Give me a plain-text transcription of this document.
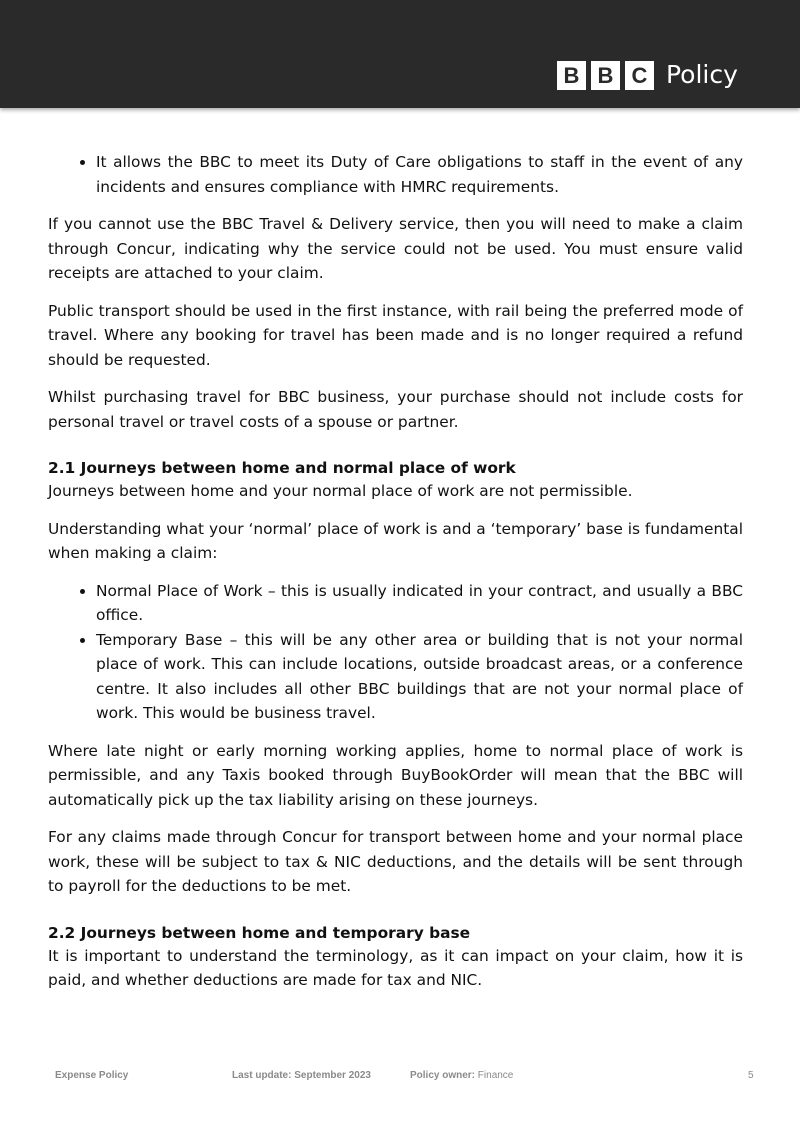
B B C Policy
• It allows the BBC to meet its Duty of Care obligations to staff in the event of any incidents and ensures compliance with HMRC requirements.

If you cannot use the BBC Travel & Delivery service, then you will need to make a claim through Concur, indicating why the service could not be used. You must ensure valid receipts are attached to your claim.

Public transport should be used in the first instance, with rail being the preferred mode of travel. Where any booking for travel has been made and is no longer required a refund should be requested.

Whilst purchasing travel for BBC business, your purchase should not include costs for personal travel or travel costs of a spouse or partner.

2.1 Journeys between home and normal place of work

Journeys between home and your normal place of work are not permissible.

Understanding what your ‘normal’ place of work is and a ‘temporary’ base is fundamental when making a claim:

• Normal Place of Work – this is usually indicated in your contract, and usually a BBC office.
• Temporary Base – this will be any other area or building that is not your normal place of work. This can include locations, outside broadcast areas, or a conference centre. It also includes all other BBC buildings that are not your normal place of work. This would be business travel.

Where late night or early morning working applies, home to normal place of work is permissible, and any Taxis booked through BuyBookOrder will mean that the BBC will automatically pick up the tax liability arising on these journeys.

For any claims made through Concur for transport between home and your normal place work, these will be subject to tax & NIC deductions, and the details will be sent through to payroll for the deductions to be met.

2.2 Journeys between home and temporary base

It is important to understand the terminology, as it can impact on your claim, how it is paid, and whether deductions are made for tax and NIC.

Expense Policy	Last update: September 2023	Policy owner: Finance	5
